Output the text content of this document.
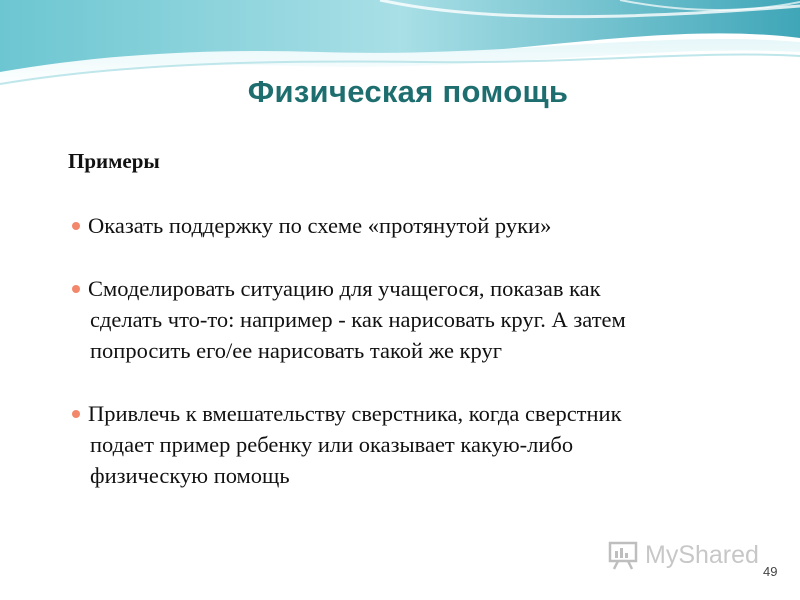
Физическая помощь
Примеры
Оказать поддержку по схеме «протянутой руки»
Смоделировать ситуацию для учащегося, показав как
сделать что-то: например - как нарисовать круг. А затем
попросить его/ее нарисовать такой же круг
Привлечь к вмешательству сверстника, когда сверстник
подает пример ребенку или оказывает какую-либо
физическую помощь
MyShared
49
